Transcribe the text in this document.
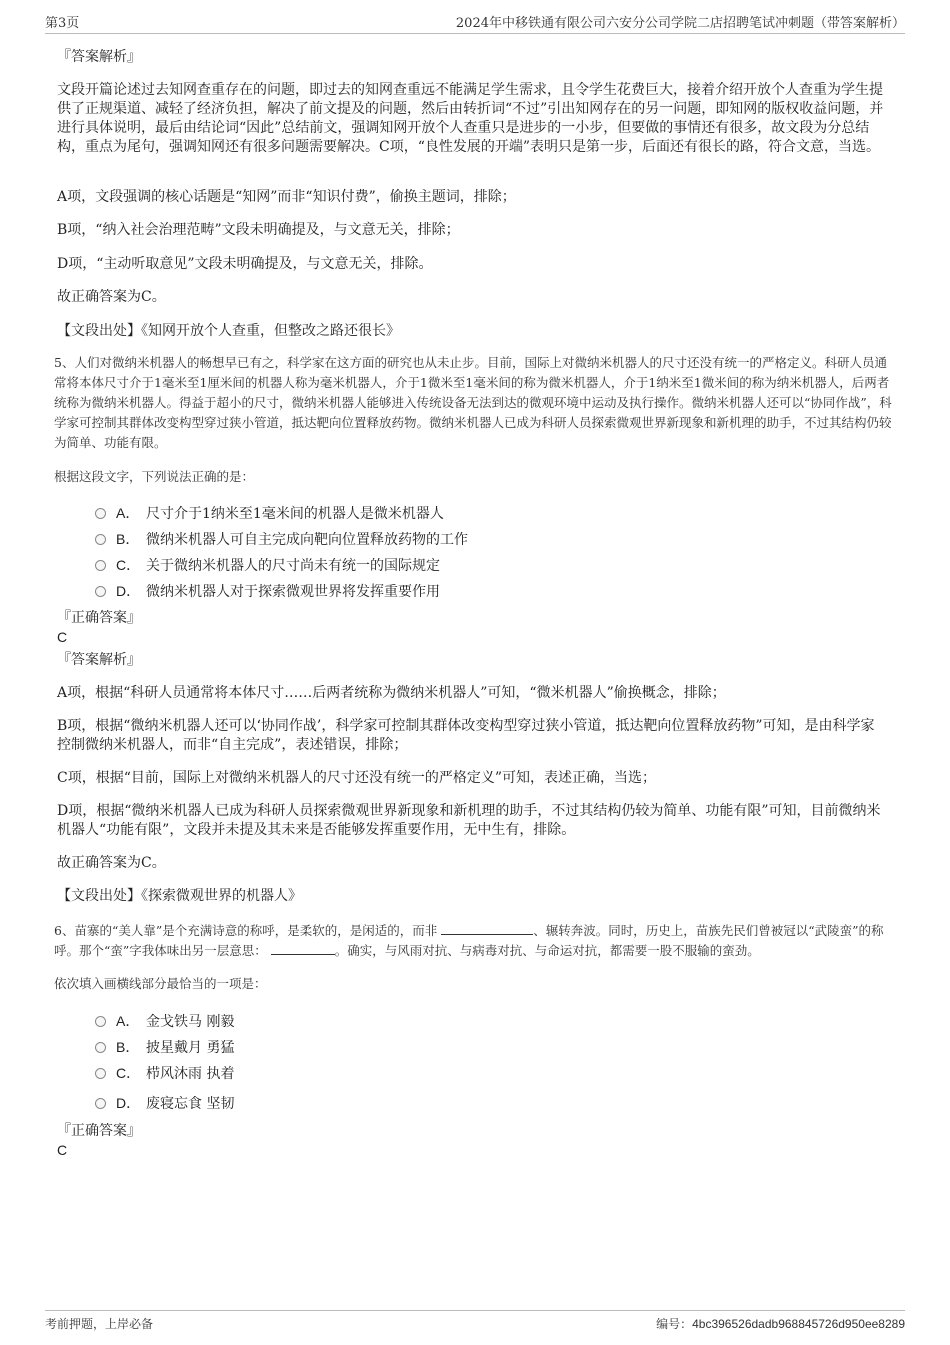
第3页	2024年中移铁通有限公司六安分公司学院二店招聘笔试冲刺题（带答案解析）
『答案解析』
文段开篇论述过去知网查重存在的问题，即过去的知网查重远不能满足学生需求，且令学生花费巨大，接着介绍开放个人查重为学生提供了正规渠道、减轻了经济负担，解决了前文提及的问题，然后由转折词“不过”引出知网存在的另一问题，即知网的版权收益问题，并进行具体说明，最后由结论词“因此”总结前文，强调知网开放个人查重只是进步的一小步，但要做的事情还有很多，故文段为分总结构，重点为尾句，强调知网还有很多问题需要解决。C项，“良性发展的开端”表明只是第一步，后面还有很长的路，符合文意，当选。
A项，文段强调的核心话题是“知网”而非“知识付费”，偷换主题词，排除；
B项，“纳入社会治理范畴”文段未明确提及，与文意无关，排除；
D项，“主动听取意见”文段未明确提及，与文意无关，排除。
故正确答案为C。
【文段出处】《知网开放个人查重，但整改之路还很长》
5、人们对微纳米机器人的畅想早已有之，科学家在这方面的研究也从未止步。目前，国际上对微纳米机器人的尺寸还没有统一的严格定义。科研人员通常将本体尺寸介于1毫米至1厘米间的机器人称为毫米机器人，介于1微米至1毫米间的称为微米机器人，介于1纳米至1微米间的称为纳米机器人，后两者统称为微纳米机器人。得益于超小的尺寸，微纳米机器人能够进入传统设备无法到达的微观环境中运动及执行操作。微纳米机器人还可以“协同作战”，科学家可控制其群体改变构型穿过狭小管道，抵达靶向位置释放药物。微纳米机器人已成为科研人员探索微观世界新现象和新机理的助手，不过其结构仍较为简单、功能有限。
根据这段文字，下列说法正确的是：
A． 尺寸介于1纳米至1毫米间的机器人是微米机器人
B． 微纳米机器人可自主完成向靶向位置释放药物的工作
C． 关于微纳米机器人的尺寸尚未有统一的国际规定
D． 微纳米机器人对于探索微观世界将发挥重要作用
『正确答案』
C
『答案解析』
A项，根据“科研人员通常将本体尺寸……后两者统称为微纳米机器人”可知，“微米机器人”偷换概念，排除；
B项，根据“微纳米机器人还可以‘协同作战’，科学家可控制其群体改变构型穿过狭小管道，抵达靶向位置释放药物”可知，是由科学家控制微纳米机器人，而非“自主完成”，表述错误，排除；
C项，根据“目前，国际上对微纳米机器人的尺寸还没有统一的严格定义”可知，表述正确，当选；
D项，根据“微纳米机器人已成为科研人员探索微观世界新现象和新机理的助手，不过其结构仍较为简单、功能有限”可知，目前微纳米机器人“功能有限”，文段并未提及其未来是否能够发挥重要作用，无中生有，排除。
故正确答案为C。
【文段出处】《探索微观世界的机器人》
6、苗寨的“美人靠”是个充满诗意的称呼，是柔软的，是闲适的，而非	、辗转奔波。同时，历史上，苗族先民们曾被冠以“武陵蛮”的称呼。那个“蛮”字我体味出另一层意思：	。确实，与风雨对抗、与病毒对抗、与命运对抗，都需要一股不服输的蛮劲。
依次填入画横线部分最恰当的一项是：
A． 金戈铁马 刚毅
B． 披星戴月 勇猛
C． 栉风沐雨 执着
D． 废寝忘食 坚韧
『正确答案』
C
考前押题，上岸必备	编号：4bc396526dadb968845726d950ee8289
